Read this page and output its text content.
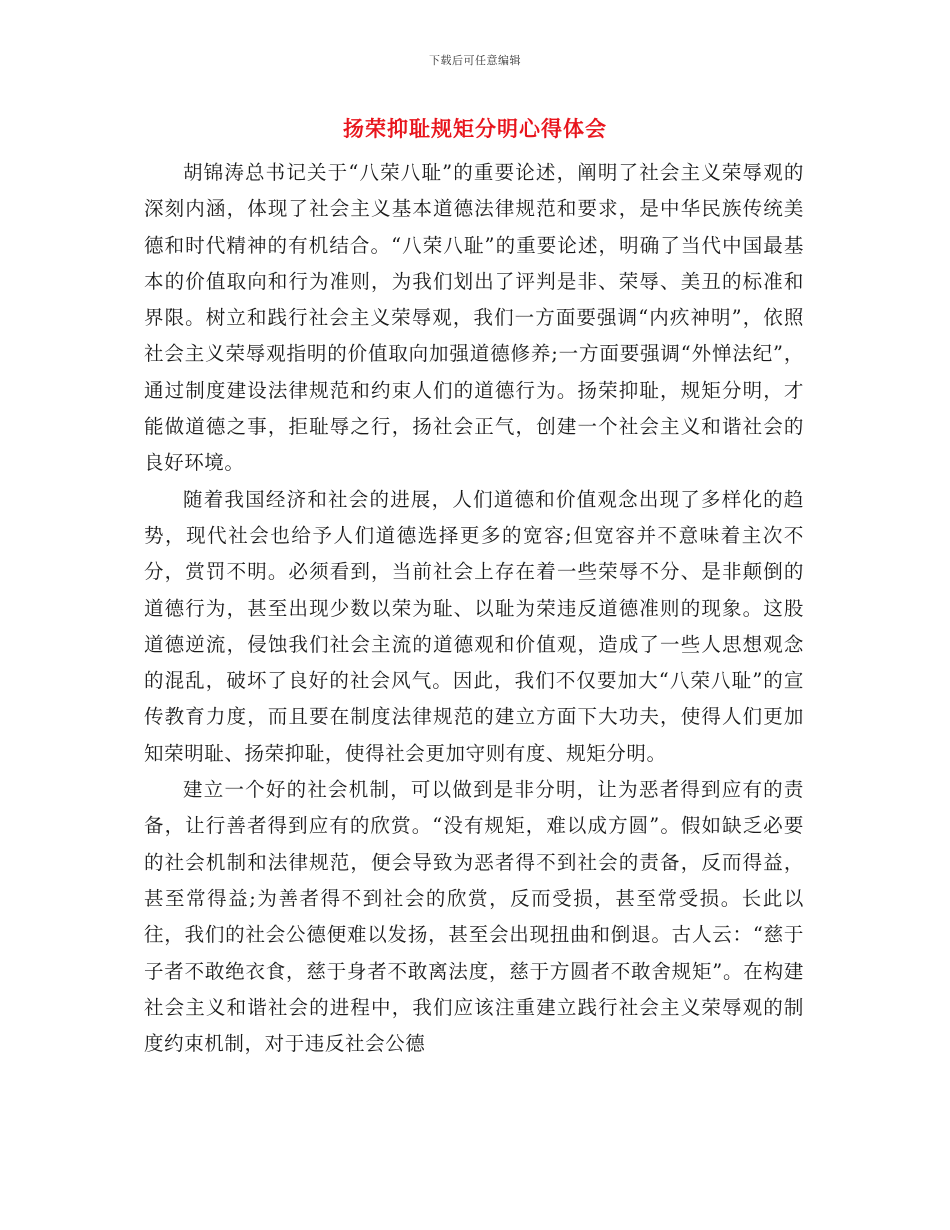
下载后可任意编辑
扬荣抑耻规矩分明心得体会

胡锦涛总书记关于“八荣八耻”的重要论述，阐明了社会主义荣辱观的深刻内涵，体现了社会主义基本道德法律规范和要求，是中华民族传统美德和时代精神的有机结合。“八荣八耻”的重要论述，明确了当代中国最基本的价值取向和行为准则，为我们划出了评判是非、荣辱、美丑的标准和界限。树立和践行社会主义荣辱观，我们一方面要强调“内疚神明”，依照社会主义荣辱观指明的价值取向加强道德修养;一方面要强调“外惮法纪”，通过制度建设法律规范和约束人们的道德行为。扬荣抑耻，规矩分明，才能做道德之事，拒耻辱之行，扬社会正气，创建一个社会主义和谐社会的良好环境。

随着我国经济和社会的进展，人们道德和价值观念出现了多样化的趋势，现代社会也给予人们道德选择更多的宽容;但宽容并不意味着主次不分，赏罚不明。必须看到，当前社会上存在着一些荣辱不分、是非颠倒的道德行为，甚至出现少数以荣为耻、以耻为荣违反道德准则的现象。这股道德逆流，侵蚀我们社会主流的道德观和价值观，造成了一些人思想观念的混乱，破坏了良好的社会风气。因此，我们不仅要加大“八荣八耻”的宣传教育力度，而且要在制度法律规范的建立方面下大功夫，使得人们更加知荣明耻、扬荣抑耻，使得社会更加守则有度、规矩分明。

建立一个好的社会机制，可以做到是非分明，让为恶者得到应有的责备，让行善者得到应有的欣赏。“没有规矩，难以成方圆”。假如缺乏必要的社会机制和法律规范，便会导致为恶者得不到社会的责备，反而得益，甚至常得益;为善者得不到社会的欣赏，反而受损，甚至常受损。长此以往，我们的社会公德便难以发扬，甚至会出现扭曲和倒退。古人云：“慈于子者不敢绝衣食，慈于身者不敢离法度，慈于方圆者不敢舍规矩”。在构建社会主义和谐社会的进程中，我们应该注重建立践行社会主义荣辱观的制度约束机制，对于违反社会公德
